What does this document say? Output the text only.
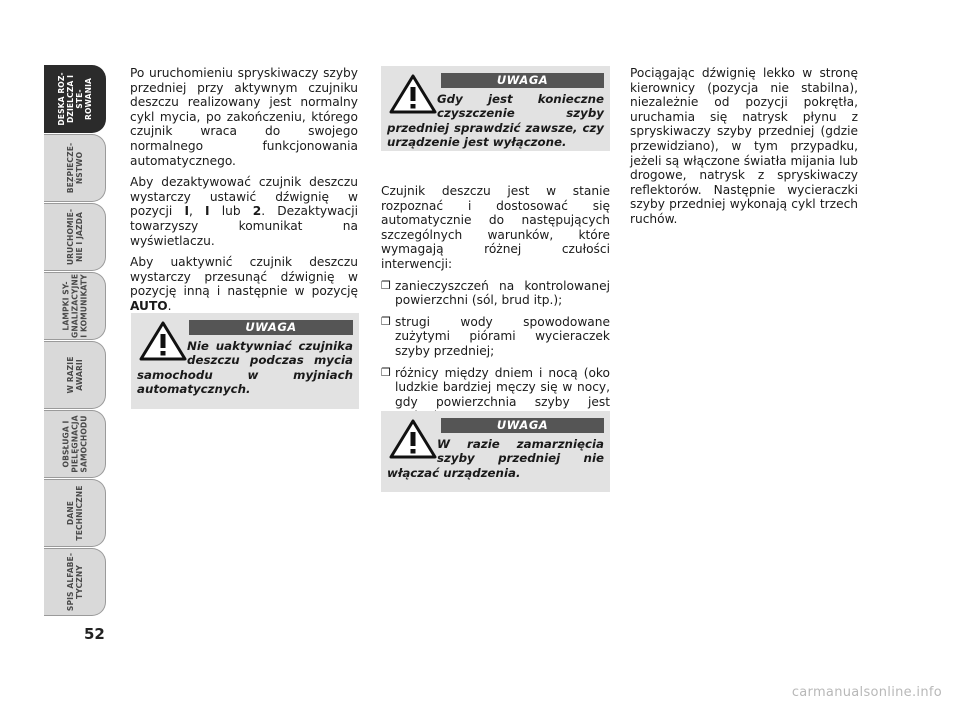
DESKA ROZ-
DZIELCZA I STE-
ROWANIA
BEZPIECZE-
ŃSTWO
URUCHOMIE-
NIE I JAZDA
LAMPKI SY-
GNALIZACYJNE
I KOMUNIKATY
W RAZIE
AWARII
OBSŁUGA I
PIELĘGNACJA
SAMOCHODU
DANE
TECHNICZNE
SPIS ALFABE-
TYCZNY
52

Po uruchomieniu spryskiwaczy szyby przedniej przy aktywnym czujniku deszczu realizowany jest normalny cykl mycia, po zakończeniu, którego czujnik wraca do swojego normalnego funkcjonowania automatycznego.

Aby dezaktywować czujnik deszczu wystarczy ustawić dźwignię w pozycji I, I lub 2. Dezaktywacji towarzyszy komunikat na wyświetlaczu.

Aby uaktywnić czujnik deszczu wystarczy przesunąć dźwignię w pozycję inną i następnie w pozycję AUTO.

UWAGA
Gdy jest konieczne czyszczenie szyby przedniej sprawdzić zawsze, czy urządzenie jest wyłączone.

Czujnik deszczu jest w stanie rozpoznać i dostosować się automatycznie do następujących szczególnych warunków, które wymagają różnej czułości interwencji:

❒ zanieczyszczeń na kontrolowanej powierzchni (sól, brud itp.);
❒ strugi wody spowodowane zużytymi piórami wycieraczek szyby przedniej;
❒ różnicy między dniem i nocą (oko ludzkie bardziej męczy się w nocy, gdy powierzchnia szyby jest
UWAGA
Nie uaktywniać czujnika deszczu podczas mycia samochodu w myjniach automatycznych.
UWAGA
W razie zamarznięcia szyby przedniej nie włączać urządzenia.

Pociągając dźwignię lekko w stronę kierownicy (pozycja nie stabilna), niezależnie od pozycji pokrętła, uruchamia się natrysk płynu z spryskiwaczy szyby przedniej (gdzie przewidziano), w tym przypadku, jeżeli są włączone światła mijania lub drogowe, natrysk z spryskiwaczy reflektorów. Następnie wycieraczki szyby przedniej wykonają cykl trzech ruchów.

carmanualsonline.info
